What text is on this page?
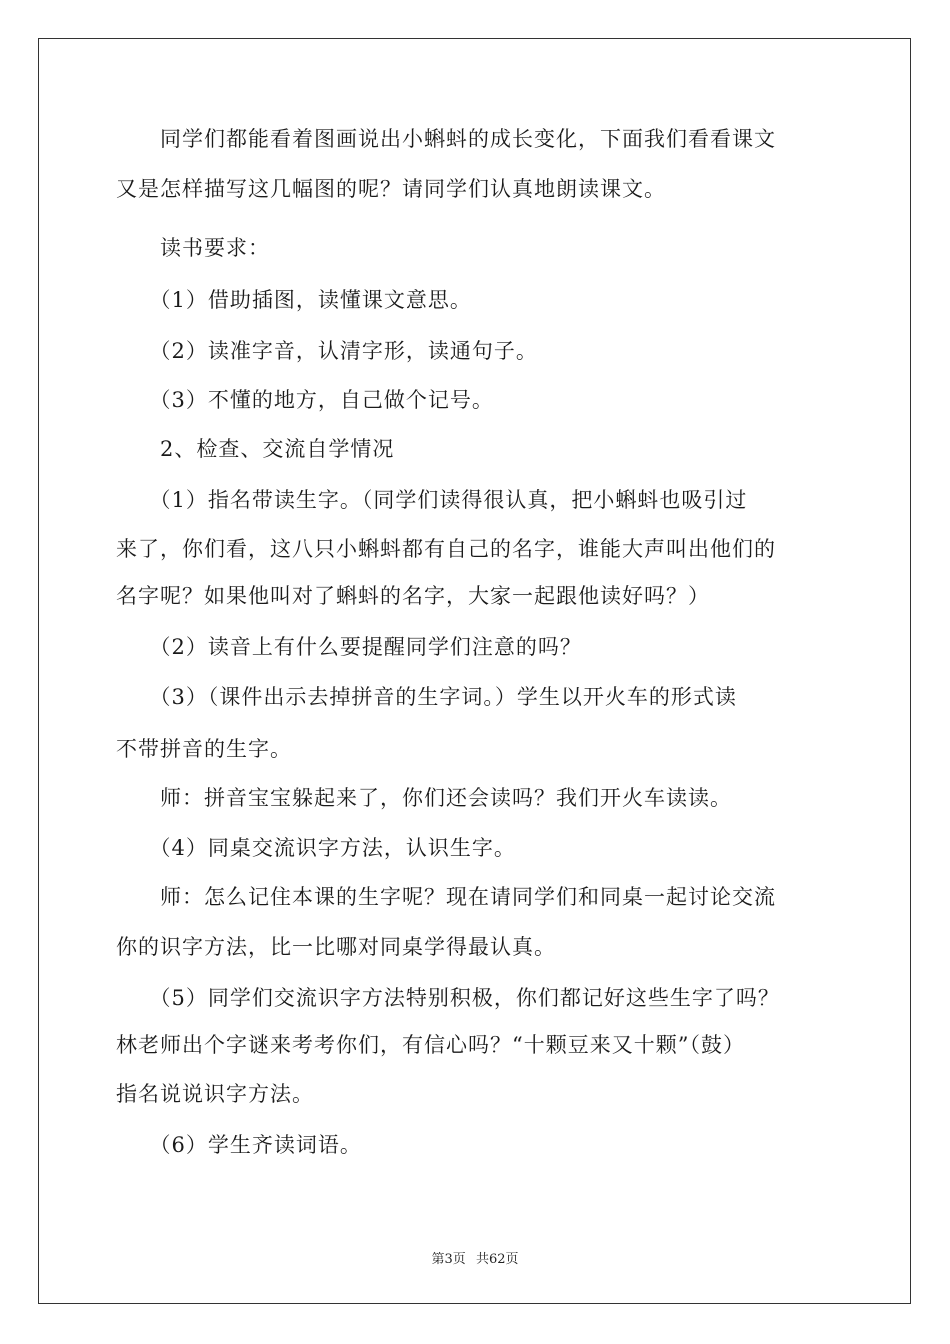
　　同学们都能看着图画说出小蝌蚪的成长变化，下面我们看看课文
又是怎样描写这几幅图的呢？请同学们认真地朗读课文。
　　读书要求：
　　（1）借助插图，读懂课文意思。
　　（2）读准字音，认清字形，读通句子。
　　（3）不懂的地方，自己做个记号。
　　2、检查、交流自学情况
　　（1）指名带读生字。（同学们读得很认真，把小蝌蚪也吸引过
来了，你们看，这八只小蝌蚪都有自己的名字，谁能大声叫出他们的
名字呢？如果他叫对了蝌蚪的名字，大家一起跟他读好吗？）
　　（2）读音上有什么要提醒同学们注意的吗？
　　（3）（课件出示去掉拼音的生字词。）学生以开火车的形式读
不带拼音的生字。
　　师：拼音宝宝躲起来了，你们还会读吗？我们开火车读读。
　　（4）同桌交流识字方法，认识生字。
　　师：怎么记住本课的生字呢？现在请同学们和同桌一起讨论交流
你的识字方法，比一比哪对同桌学得最认真。
　　（5）同学们交流识字方法特别积极，你们都记好这些生字了吗？
林老师出个字谜来考考你们，有信心吗？“十颗豆来又十颗”（鼓）
指名说说识字方法。
　　（6）学生齐读词语。
第3页 共62页
